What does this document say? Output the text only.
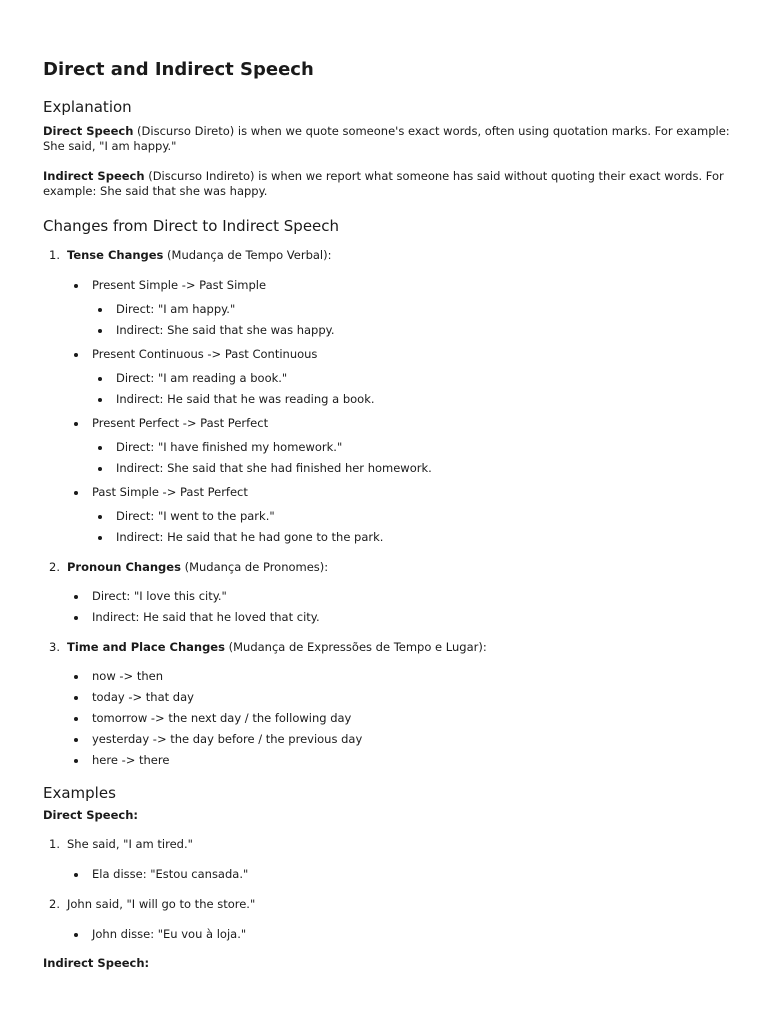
Direct and Indirect Speech
Explanation

Direct Speech (Discurso Direto) is when we quote someone's exact words, often using quotation marks. For example: She said, "I am happy."

Indirect Speech (Discurso Indireto) is when we report what someone has said without quoting their exact words. For example: She said that she was happy.

Changes from Direct to Indirect Speech
1. Tense Changes (Mudança de Tempo Verbal):
Present Simple -> Past Simple
Direct: "I am happy."
Indirect: She said that she was happy.
Present Continuous -> Past Continuous
Direct: "I am reading a book."
Indirect: He said that he was reading a book.
Present Perfect -> Past Perfect
Direct: "I have finished my homework."
Indirect: She said that she had finished her homework.
Past Simple -> Past Perfect
Direct: "I went to the park."
Indirect: He said that he had gone to the park.
2. Pronoun Changes (Mudança de Pronomes):
Direct: "I love this city."
Indirect: He said that he loved that city.
3. Time and Place Changes (Mudança de Expressões de Tempo e Lugar):
now -> then
today -> that day
tomorrow -> the next day / the following day
yesterday -> the day before / the previous day
here -> there
Examples

Direct Speech:

1. She said, "I am tired."
Ela disse: "Estou cansada."
2. John said, "I will go to the store."
John disse: "Eu vou à loja."

Indirect Speech:
